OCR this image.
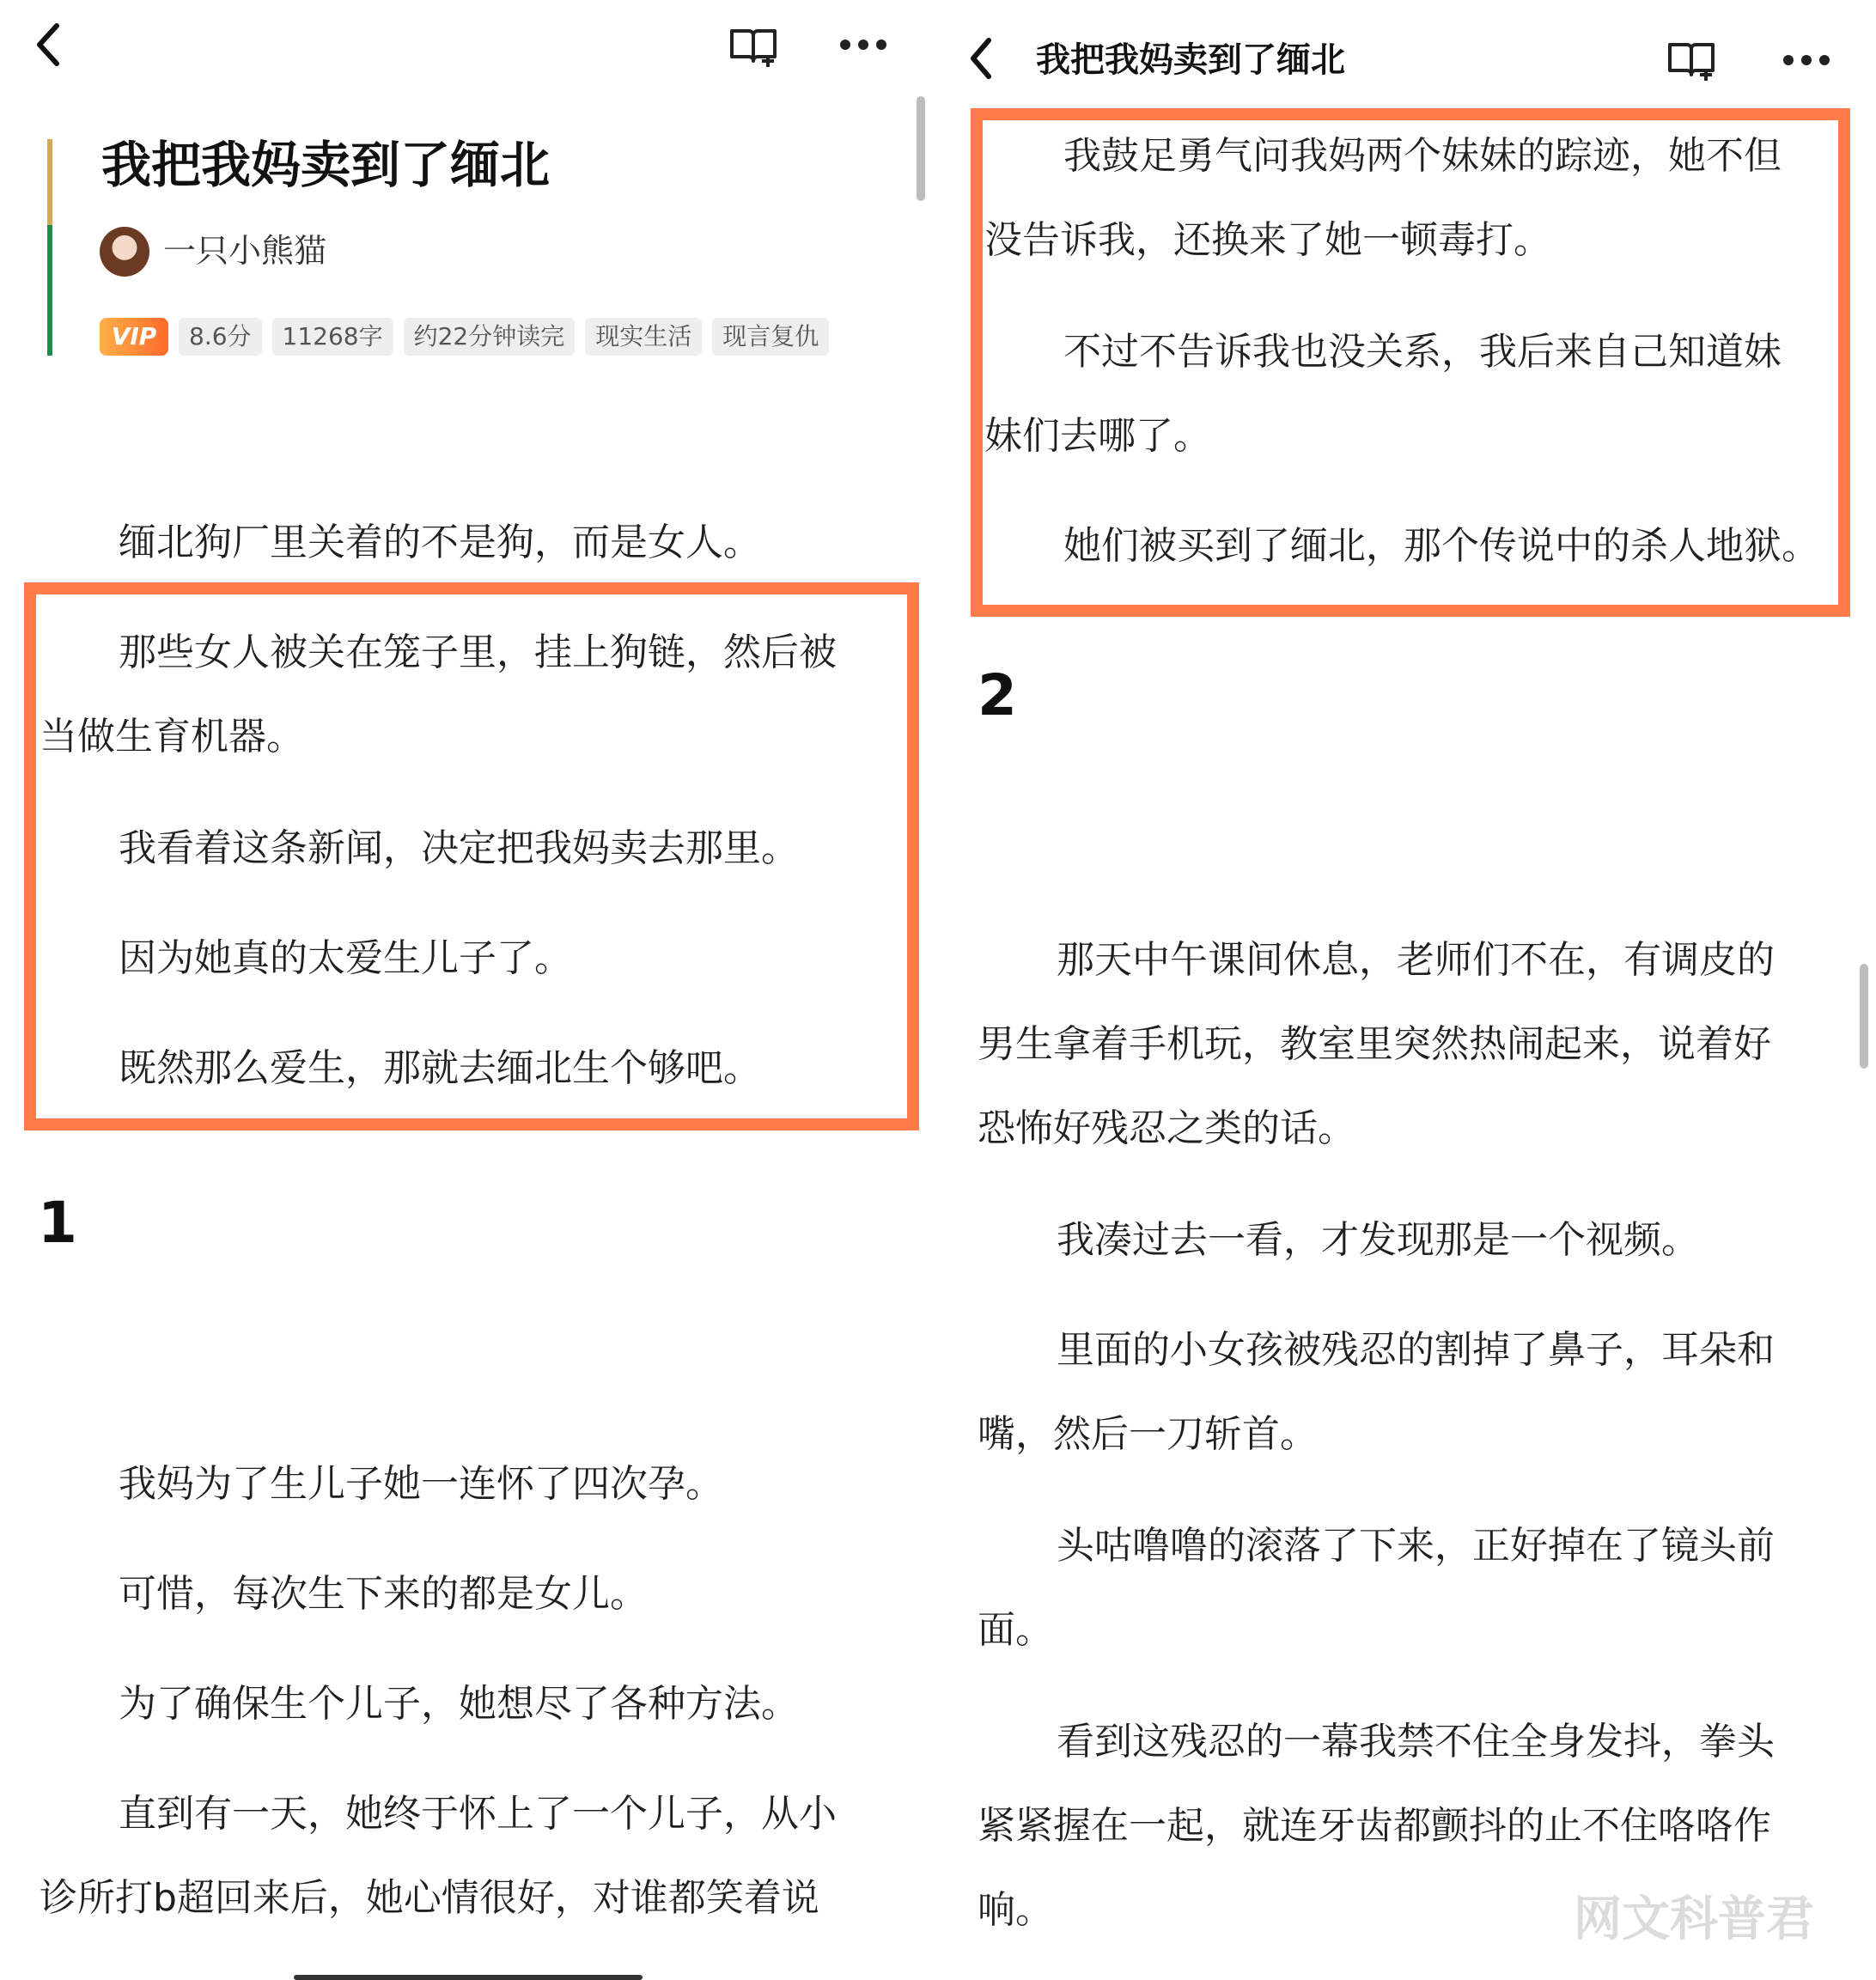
我把我妈卖到了缅北
一只小熊猫
VIP	8.6分	11268字	约22分钟读完	现实生活	现言复仇

缅北狗厂里关着的不是狗，而是女人。

那些女人被关在笼子里，挂上狗链，然后被

当做生育机器。

我看着这条新闻，决定把我妈卖去那里。

因为她真的太爱生儿子了。

既然那么爱生，那就去缅北生个够吧。

1

我妈为了生儿子她一连怀了四次孕。

可惜，每次生下来的都是女儿。

为了确保生个儿子，她想尽了各种方法。

直到有一天，她终于怀上了一个儿子，从小

诊所打b超回来后，她心情很好，对谁都笑着说

我把我妈卖到了缅北

我鼓足勇气问我妈两个妹妹的踪迹，她不但

没告诉我，还换来了她一顿毒打。

不过不告诉我也没关系，我后来自己知道妹

妹们去哪了。

她们被买到了缅北，那个传说中的杀人地狱。

2

那天中午课间休息，老师们不在，有调皮的

男生拿着手机玩，教室里突然热闹起来，说着好

恐怖好残忍之类的话。

我凑过去一看，才发现那是一个视频。

里面的小女孩被残忍的割掉了鼻子，耳朵和

嘴，然后一刀斩首。

头咕噜噜的滚落了下来，正好掉在了镜头前

面。

看到这残忍的一幕我禁不住全身发抖，拳头

紧紧握在一起，就连牙齿都颤抖的止不住咯咯作

响。	网文科普君
